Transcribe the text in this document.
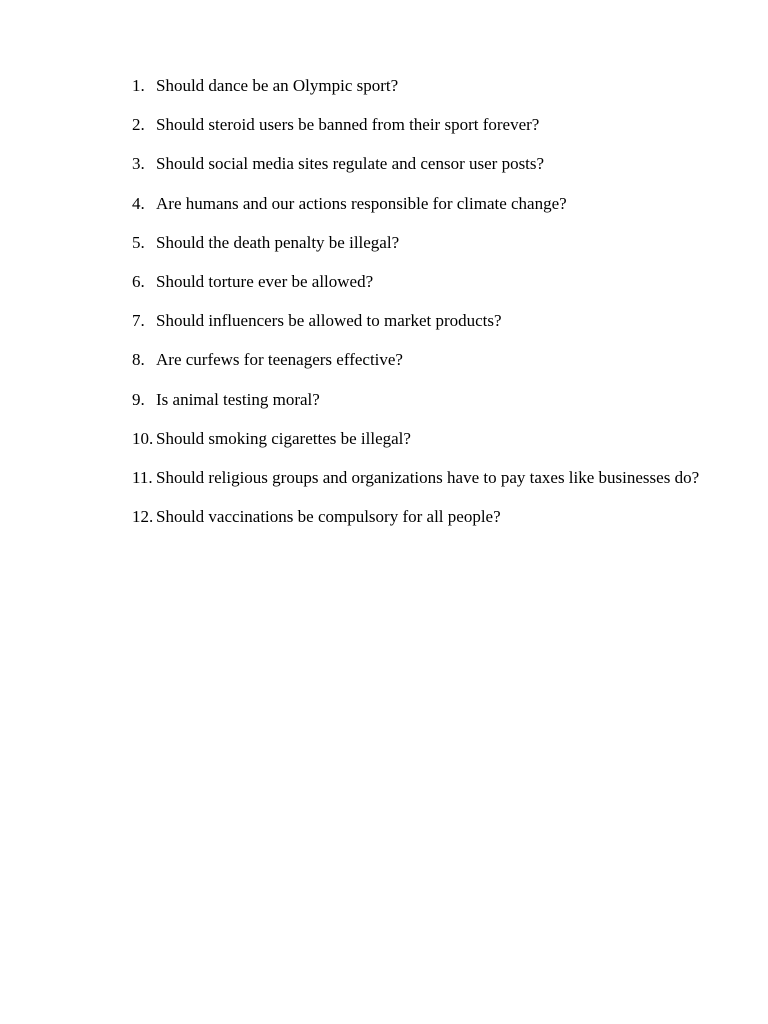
1. Should dance be an Olympic sport?
2. Should steroid users be banned from their sport forever?
3. Should social media sites regulate and censor user posts?
4. Are humans and our actions responsible for climate change?
5. Should the death penalty be illegal?
6. Should torture ever be allowed?
7. Should influencers be allowed to market products?
8. Are curfews for teenagers effective?
9. Is animal testing moral?
10. Should smoking cigarettes be illegal?
11. Should religious groups and organizations have to pay taxes like businesses do?
12. Should vaccinations be compulsory for all people?
